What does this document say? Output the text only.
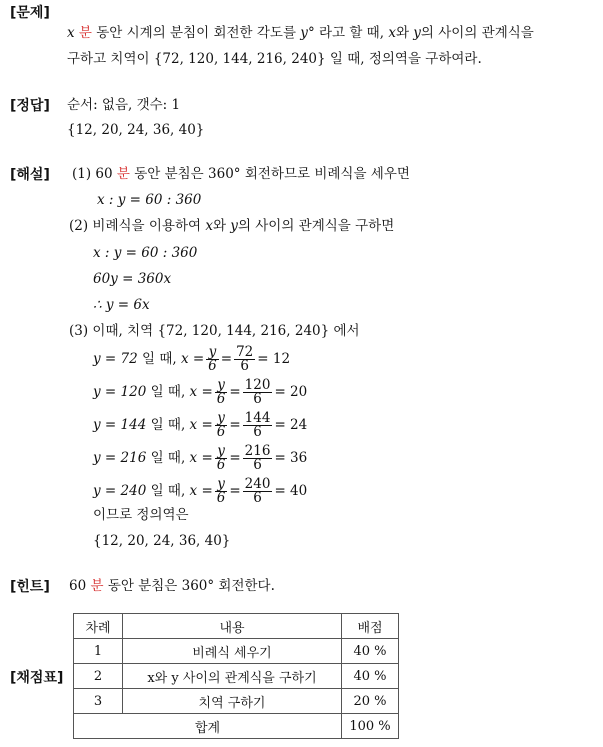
[문제]
x 분 동안 시계의 분침이 회전한 각도를 y° 라고 할 때, x와 y의 사이의 관계식을
구하고 치역이 {72, 120, 144, 216, 240} 일 때, 정의역을 구하여라.
[정답] 순서: 없음, 갯수: 1
{12, 20, 24, 36, 40}
[해설] (1) 60 분 동안 분침은 360° 회전하므로 비례식을 세우면
x : y = 60 : 360
(2) 비례식을 이용하여 x와 y의 사이의 관계식을 구하면
x : y = 60 : 360
60y = 360x
∴ y = 6x
(3) 이때, 치역 {72, 120, 144, 216, 240} 에서
y = 72 일 때, $x = \frac{y}{6} = \frac{72}{6} = 12$
y = 120 일 때, $x = \frac{y}{6} = \frac{120}{6} = 20$
y = 144 일 때, $x = \frac{y}{6} = \frac{144}{6} = 24$
y = 216 일 때, $x = \frac{y}{6} = \frac{216}{6} = 36$
y = 240 일 때, $x = \frac{y}{6} = \frac{240}{6} = 40$
이므로 정의역은
{12, 20, 24, 36, 40}
[힌트] 60 분 동안 분침은 360° 회전한다.
[채점표]
차례	내용	배점
1	비례식 세우기	40 %
2	x와 y 사이의 관계식을 구하기	40 %
3	치역 구하기	20 %
합계		100 %
